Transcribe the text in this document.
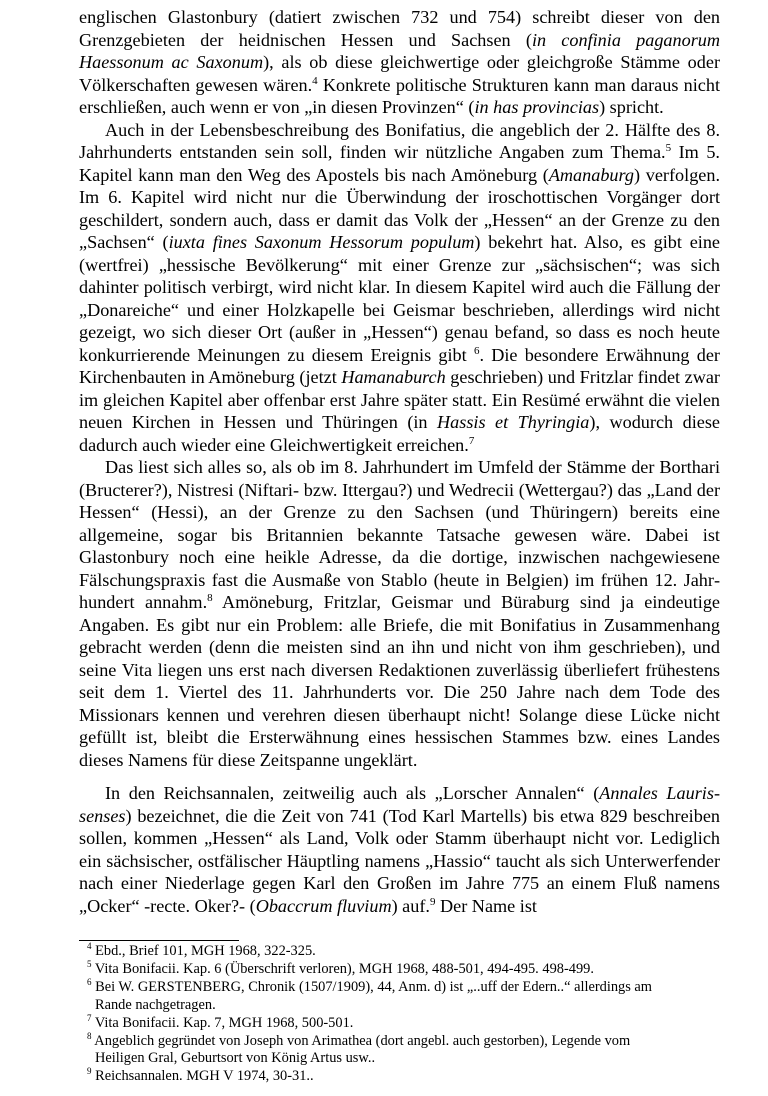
englischen Glastonbury (datiert zwischen 732 und 754) schreibt dieser von den Grenzgebieten der heidnischen Hessen und Sachsen (in confinia paganorum Haessonum ac Saxonum), als ob diese gleichwertige oder gleichgroße Stämme oder Völkerschaften gewesen wären.$^4$ Konkrete politische Strukturen kann man daraus nicht erschließen, auch wenn er von „in diesen Provinzen“ (in has provincias) spricht.

Auch in der Lebensbeschreibung des Bonifatius, die angeblich der 2. Hälfte des 8. Jahrhunderts entstanden sein soll, finden wir nützliche Angaben zum Thema.$^5$ Im 5. Kapitel kann man den Weg des Apostels bis nach Amöneburg (Amanaburg) verfolgen. Im 6. Kapitel wird nicht nur die Überwindung der iroschottischen Vorgänger dort geschildert, sondern auch, dass er damit das Volk der „Hessen“ an der Grenze zu den „Sachsen“ (iuxta fines Saxonum Hessorum populum) bekehrt hat. Also, es gibt eine (wertfrei) „hessische Bevölkerung“ mit einer Grenze zur „sächsischen“; was sich dahinter politisch verbirgt, wird nicht klar. In diesem Kapitel wird auch die Fällung der „Donareiche“ und einer Holzkapelle bei Geismar beschrieben, allerdings wird nicht gezeigt, wo sich dieser Ort (außer in „Hessen“) genau befand, so dass es noch heute konkurrierende Meinungen zu diesem Ereignis gibt $^6$. Die besondere Erwähnung der Kirchenbauten in Amöneburg (jetzt Hamanaburch geschrieben) und Fritzlar findet zwar im gleichen Kapitel aber offenbar erst Jahre später statt. Ein Resümé erwähnt die vielen neuen Kirchen in Hessen und Thüringen (in Hassis et Thyringia), wodurch diese dadurch auch wieder eine Gleichwertigkeit erreichen.$^7$

Das liest sich alles so, als ob im 8. Jahrhundert im Umfeld der Stämme der Borthari (Bructerer?), Nistresi (Niftari- bzw. Ittergau?) und Wedrecii (Wettergau?) das „Land der Hessen“ (Hessi), an der Grenze zu den Sachsen (und Thüringern) bereits eine allgemeine, sogar bis Britannien bekannte Tatsache gewesen wäre. Dabei ist Glastonbury noch eine heikle Adresse, da die dortige, inzwischen nachgewiesene Fälschungspraxis fast die Ausmaße von Stablo (heute in Belgien) im frühen 12. Jahrhundert annahm.$^8$ Amöneburg, Fritzlar, Geismar und Büraburg sind ja eindeutige Angaben. Es gibt nur ein Problem: alle Briefe, die mit Bonifatius in Zusammenhang gebracht werden (denn die meisten sind an ihn und nicht von ihm geschrieben), und seine Vita liegen uns erst nach diversen Redaktionen zuverlässig überliefert frühestens seit dem 1. Viertel des 11. Jahrhunderts vor. Die 250 Jahre nach dem Tode des Missionars kennen und verehren diesen überhaupt nicht! Solange diese Lücke nicht gefüllt ist, bleibt die Ersterwähnung eines hessischen Stammes bzw. eines Landes dieses Namens für diese Zeitspanne ungeklärt.

In den Reichsannalen, zeitweilig auch als „Lorscher Annalen“ (Annales Laurissenses) bezeichnet, die die Zeit von 741 (Tod Karl Martells) bis etwa 829 beschreiben sollen, kommen „Hessen“ als Land, Volk oder Stamm überhaupt nicht vor. Lediglich ein sächsischer, ostfälischer Häuptling namens „Hassio“ taucht als sich Unterwerfender nach einer Niederlage gegen Karl den Großen im Jahre 775 an einem Fluß namens „Ocker“ -recte. Oker?- (Obaccrum fluvium) auf.$^9$ Der Name ist

$^4$ Ebd., Brief 101, MGH 1968, 322-325.
$^5$ Vita Bonifacii. Kap. 6 (Überschrift verloren), MGH 1968, 488-501, 494-495. 498-499.
$^6$ Bei W. GERSTENBERG, Chronik (1507/1909), 44, Anm. d) ist „..uff der Edern..“ allerdings am
Rande nachgetragen.
$^7$ Vita Bonifacii. Kap. 7, MGH 1968, 500-501.
$^8$ Angeblich gegründet von Joseph von Arimathea (dort angebl. auch gestorben), Legende vom
Heiligen Gral, Geburtsort von König Artus usw..
$^9$ Reichsannalen. MGH V 1974, 30-31..
